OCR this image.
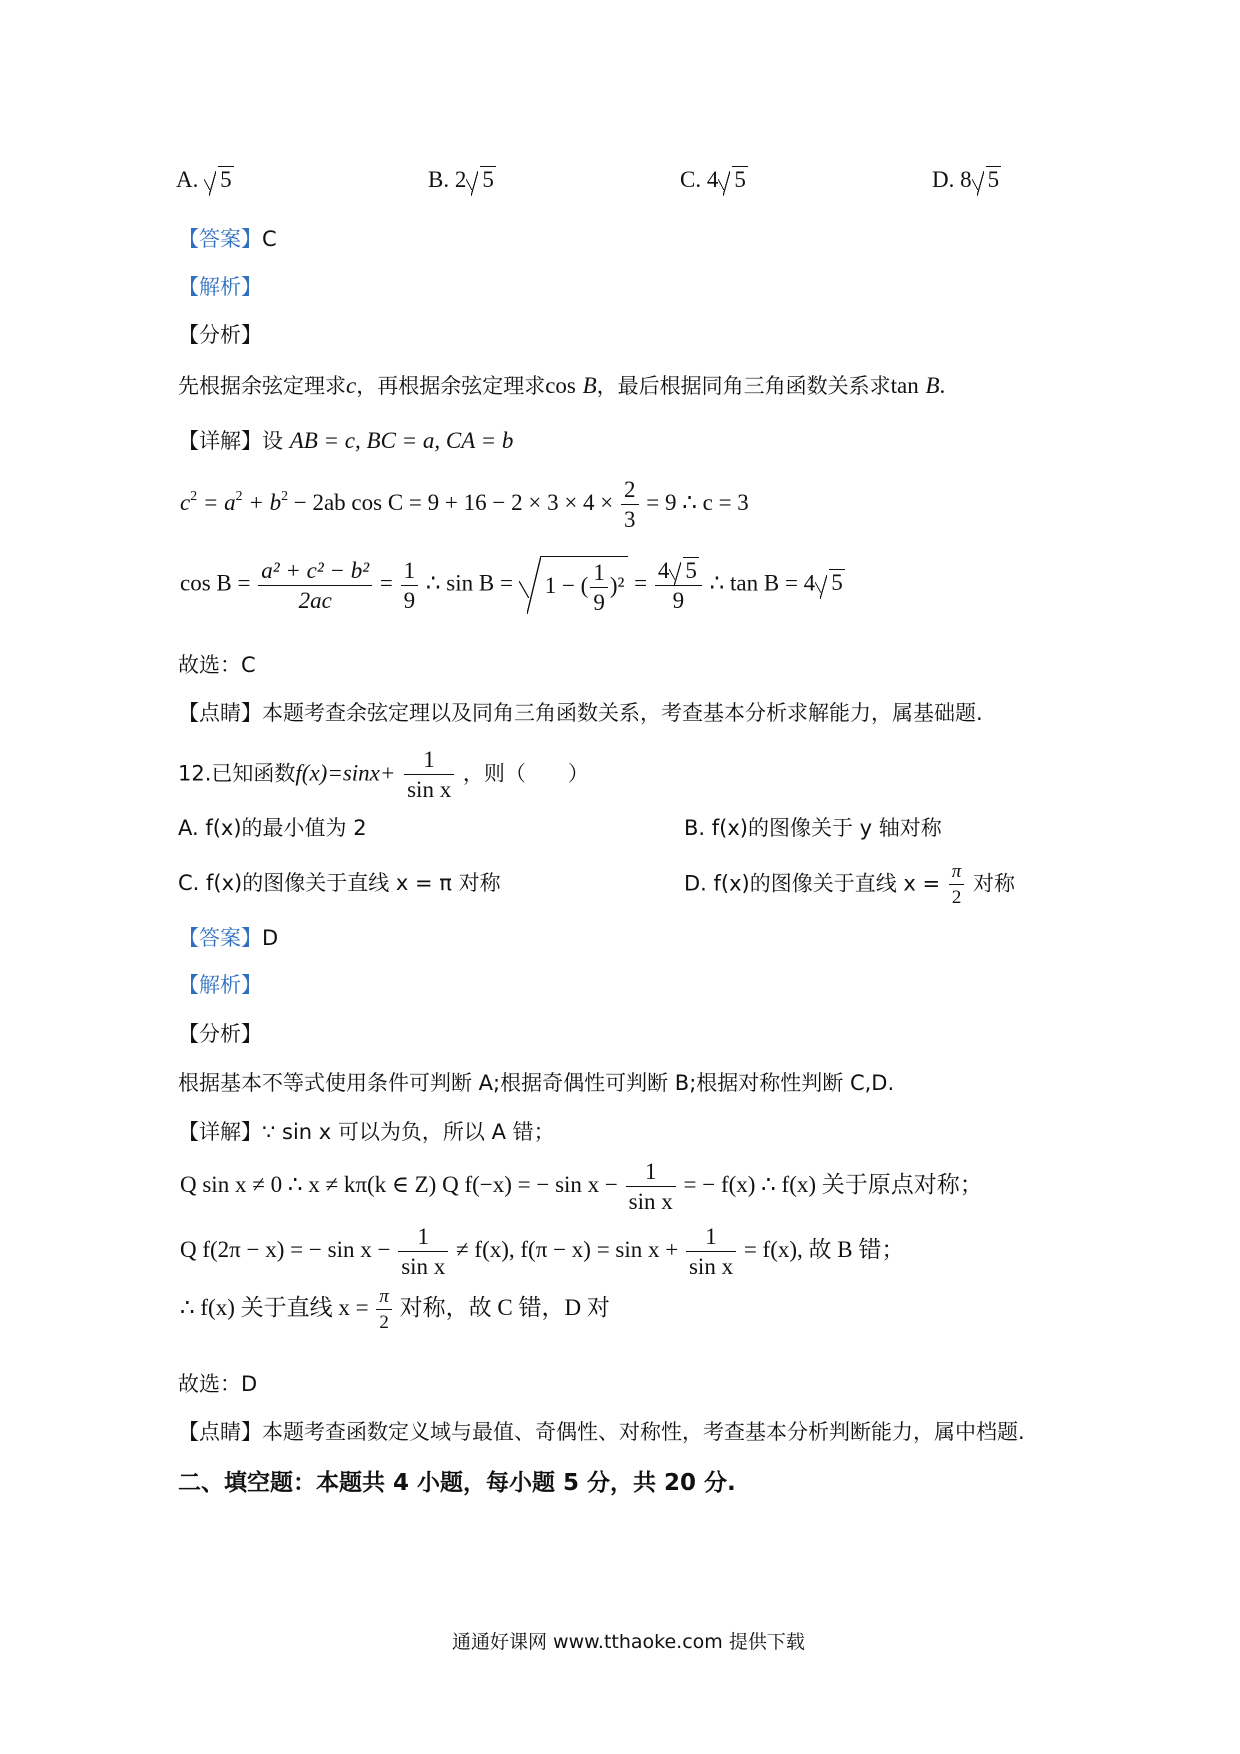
A. 5	B. 2 5	C. 4 5	D. 8 5
【答案】C
【解析】
【分析】
先根据余弦定理求c，再根据余弦定理求cos B，最后根据同角三角函数关系求tan B.
【详解】设 AB = c, BC = a, CA = b
$c^2 = a^2 + b^2 - 2ab$ $\cos C = 9 + 16 - 2 \times 3 \times 4 \times \frac{2}{3} = 9$ ∴ c = 3
$\cos B = \frac{\text{a² + c² − b²}}{2ac} = \frac{1}{9}$ ∴ sin B = 1 − ( $\frac{1}{9} )^2 = \frac{4 5}{9}$ ∴ tan B = 4 5
故选：C
【点睛】本题考查余弦定理以及同角三角函数关系，考查基本分析求解能力，属基础题.
12.已知函数$f(x)=\sin x+ \frac{1}{\text{sin x}}$ ，则（　　）
A. f(x)的最小值为 2	B. f(x)的图像关于 y 轴对称
C. f(x)的图像关于直线 x = π 对称	D. f(x)的图像关于直线 $x = \frac{\pi}{2}$ 对称
【答案】D
【解析】
【分析】
根据基本不等式使用条件可判断 A;根据奇偶性可判断 B;根据对称性判断 C,D.
【详解】∵ sin x 可以为负，所以 A 错；
Q sin x ≠ 0 ∴ x ≠ kπ(k ∈ Z) Q f(−x) = − $\sin x - \frac{1}{\text{sin x}}$ = − f(x) ∴ f(x) 关于原点对称；
Q f(2π − x) = − $\sin x - \frac{1}{\text{sin x}} \ne f(x)$, $f(\pi - x) = \sin x + \frac{1}{\text{sin x}} = f(x)$, 故 B 错；
∴ f(x) 关于直线 $x = \frac{\pi}{2}$ 对称，故 C 错，D 对
故选：D
【点睛】本题考查函数定义域与最值、奇偶性、对称性，考查基本分析判断能力，属中档题.
二、填空题：本题共 4 小题，每小题 5 分，共 20 分.
通通好课网 www.tthaoke.com 提供下载
